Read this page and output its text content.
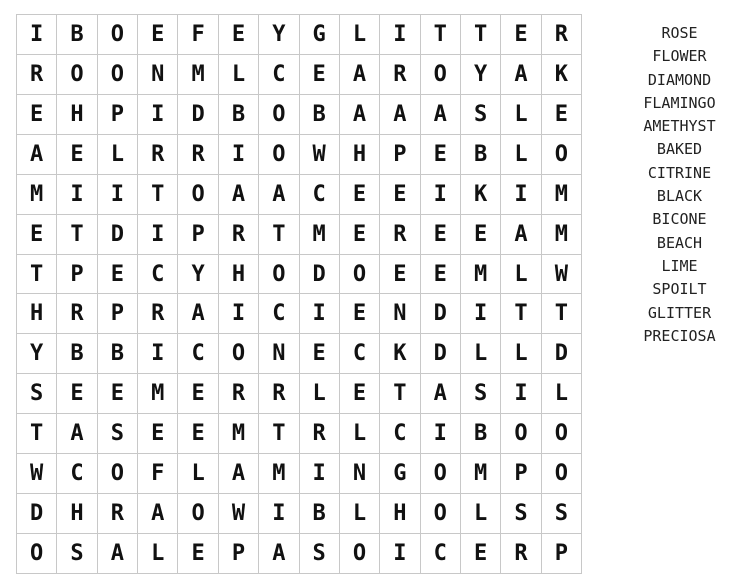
I	B	O	E	F	E	Y	G	L	I	T	T	E	R
R	O	O	N	M	L	C	E	A	R	O	Y	A	K
E	H	P	I	D	B	O	B	A	A	A	S	L	E
A	E	L	R	R	I	O	W	H	P	E	B	L	O
M	I	I	T	O	A	A	C	E	E	I	K	I	M
E	T	D	I	P	R	T	M	E	R	E	E	A	M
T	P	E	C	Y	H	O	D	O	E	E	M	L	W
H	R	P	R	A	I	C	I	E	N	D	I	T	T
Y	B	B	I	C	O	N	E	C	K	D	L	L	D
S	E	E	M	E	R	R	L	E	T	A	S	I	L
T	A	S	E	E	M	T	R	L	C	I	B	O	O
W	C	O	F	L	A	M	I	N	G	O	M	P	O
D	H	R	A	O	W	I	B	L	H	O	L	S	S
O	S	A	L	E	P	A	S	O	I	C	E	R	P
ROSE
FLOWER
DIAMOND
FLAMINGO
AMETHYST
BAKED
CITRINE
BLACK
BICONE
BEACH
LIME
SPOILT
GLITTER
PRECIOSA
